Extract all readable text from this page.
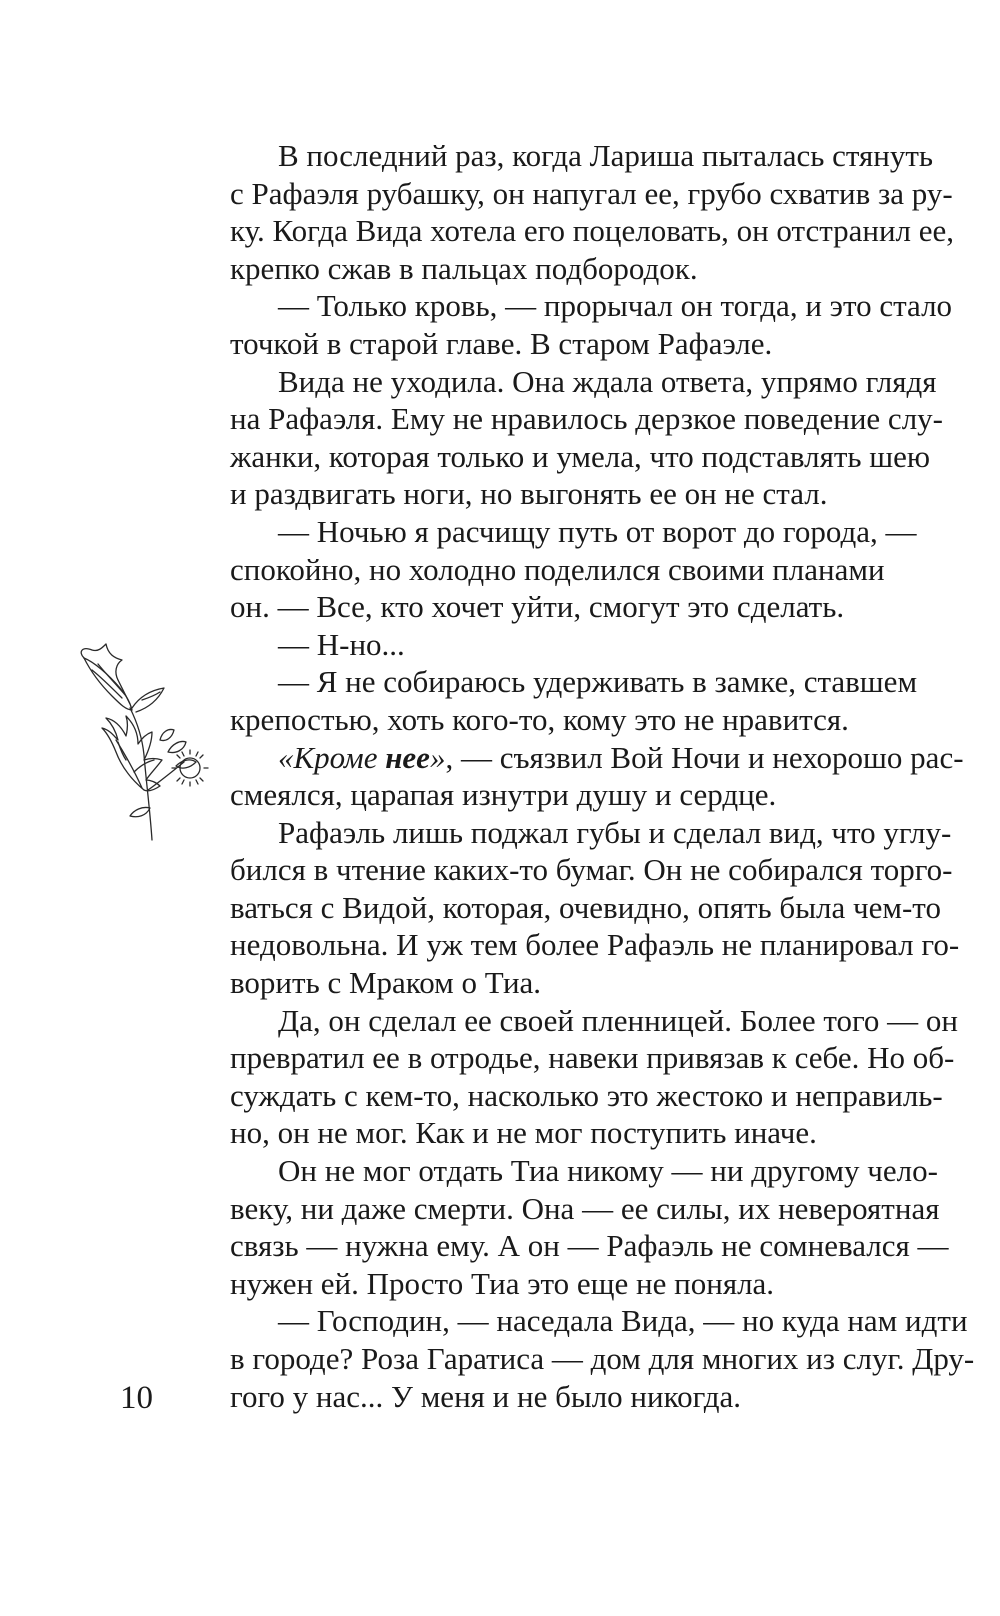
В последний раз, когда Лариша пыталась стянуть
с Рафаэля рубашку, он напугал ее, грубо схватив за ру-
ку. Когда Вида хотела его поцеловать, он отстранил ее,
крепко сжав в пальцах подбородок.
— Только кровь, — прорычал он тогда, и это стало
точкой в старой главе. В старом Рафаэле.
Вида не уходила. Она ждала ответа, упрямо глядя
на Рафаэля. Ему не нравилось дерзкое поведение слу-
жанки, которая только и умела, что подставлять шею
и раздвигать ноги, но выгонять ее он не стал.
— Ночью я расчищу путь от ворот до города, —
спокойно, но холодно поделился своими планами
он. — Все, кто хочет уйти, смогут это сделать.
— Н-но...
— Я не собираюсь удерживать в замке, ставшем
крепостью, хоть кого-то, кому это не нравится.
«Кроме нее», — съязвил Вой Ночи и нехорошо рас-
смеялся, царапая изнутри душу и сердце.
Рафаэль лишь поджал губы и сделал вид, что углу-
бился в чтение каких-то бумаг. Он не собирался торго-
ваться с Видой, которая, очевидно, опять была чем-то
недовольна. И уж тем более Рафаэль не планировал го-
ворить с Мраком о Тиа.
Да, он сделал ее своей пленницей. Более того — он
превратил ее в отродье, навеки привязав к себе. Но об-
суждать с кем-то, насколько это жестоко и неправиль-
но, он не мог. Как и не мог поступить иначе.
Он не мог отдать Тиа никому — ни другому чело-
веку, ни даже смерти. Она — ее силы, их невероятная
связь — нужна ему. А он — Рафаэль не сомневался —
нужен ей. Просто Тиа это еще не поняла.
— Господин, — наседала Вида, — но куда нам идти
в городе? Роза Гаратиса — дом для многих из слуг. Дру-
гого у нас... У меня и не было никогда.
10
